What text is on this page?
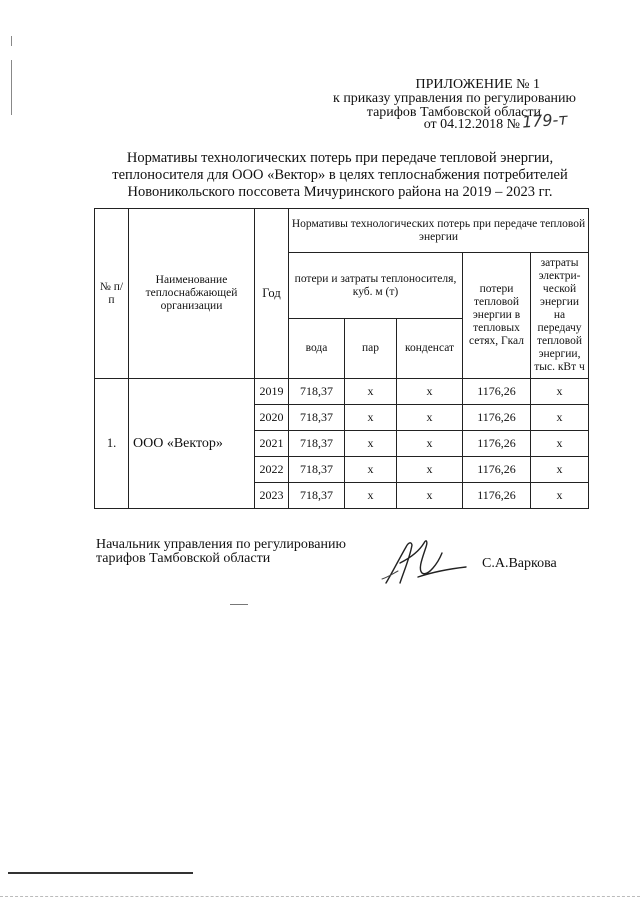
ПРИЛОЖЕНИЕ № 1
к приказу управления по регулированию
тарифов Тамбовской области
от 04.12.2018 № 179-т
Нормативы технологических потерь при передаче тепловой энергии,
теплоносителя для ООО «Вектор» в целях теплоснабжения потребителей
Новоникольского поссовета Мичуринского района на 2019 – 2023 гг.
№ п/п	Наименование теплоснабжающей организации	Год	Нормативы технологических потерь при передаче тепловой энергии				
			потери и затраты теплоносителя, куб. м (т)			потери тепловой энергии в тепловых сетях, Гкал	затраты электри-ческой энергии на передачу тепловой энергии, тыс. кВт ч
			вода	пар	конденсат		
1.	ООО «Вектор»	2019	718,37	х	х	1176,26	х
		2020	718,37	х	х	1176,26	х
		2021	718,37	х	х	1176,26	х
		2022	718,37	х	х	1176,26	х
		2023	718,37	х	х	1176,26	х
Начальник управления по регулированию
тарифов Тамбовской области	С.А.Варкова
